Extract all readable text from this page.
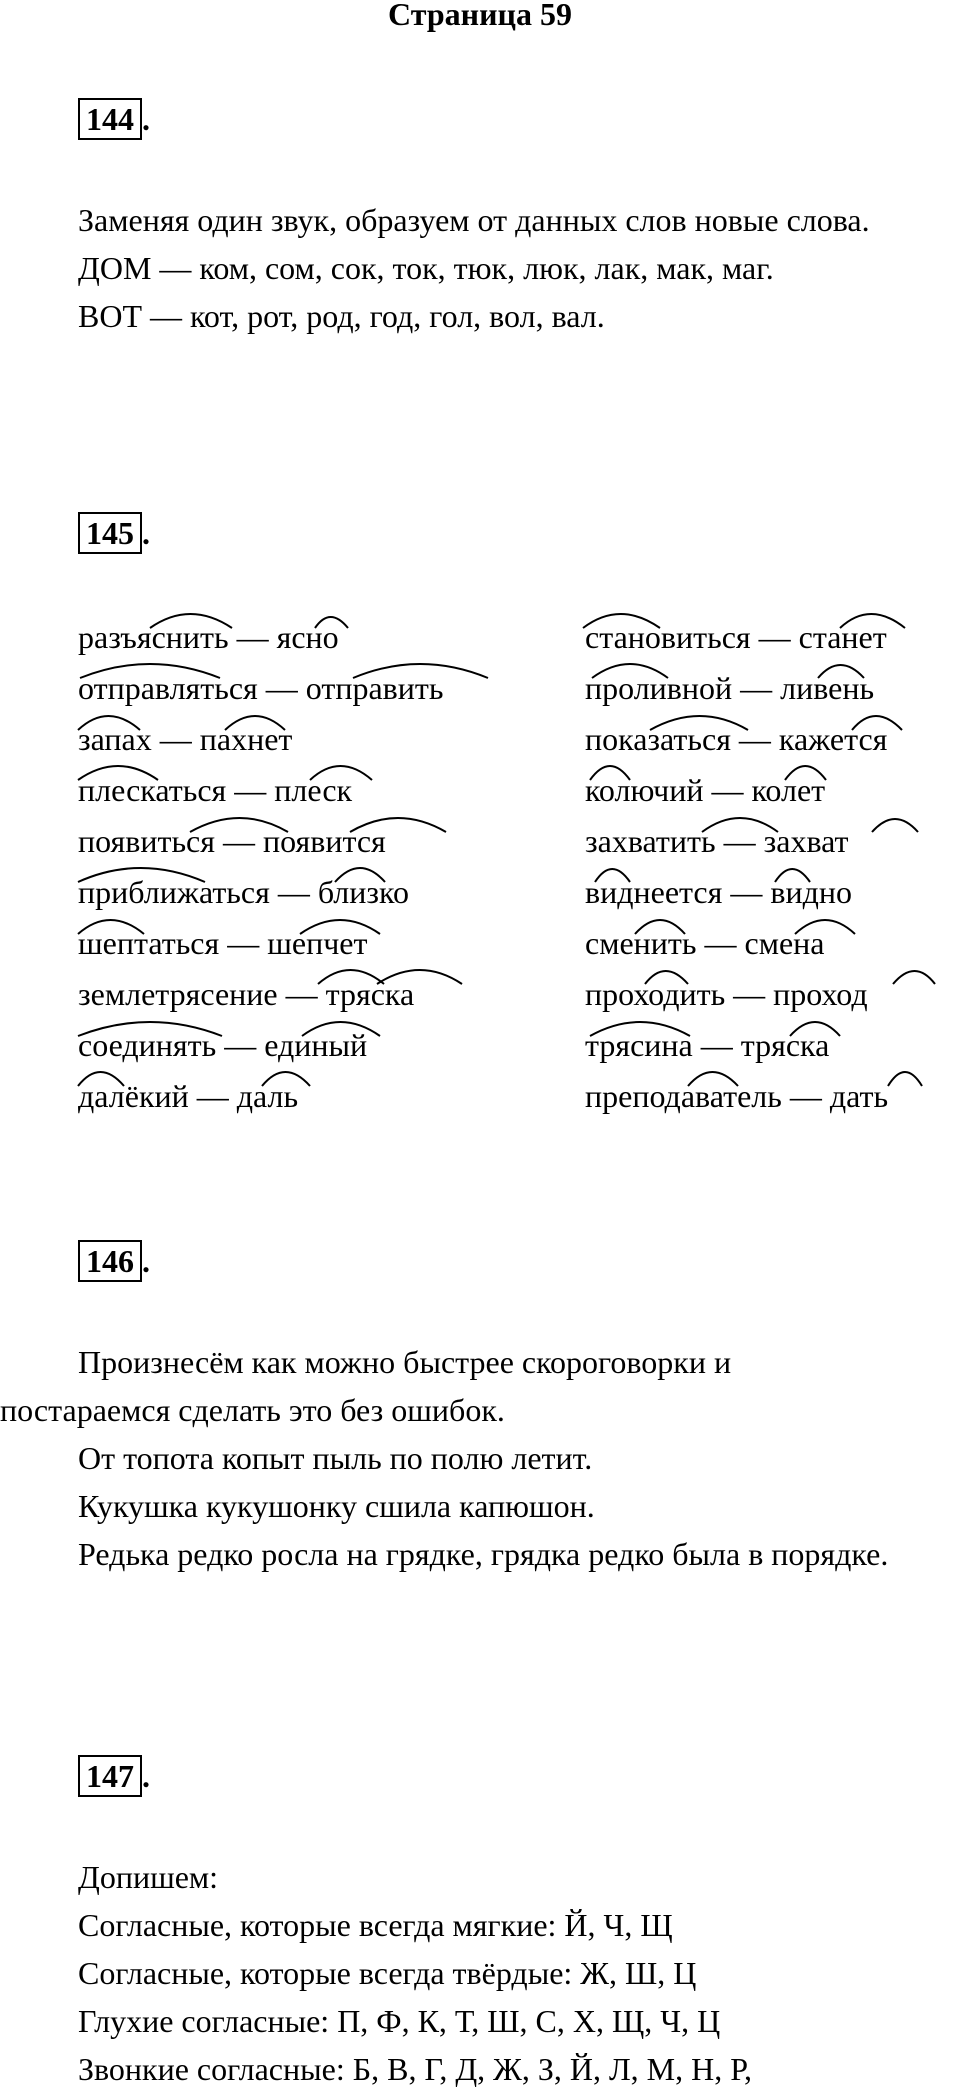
Страница 59
144 .

Заменяя один звук, образуем от данных слов новые слова.

ДОМ — ком, сом, сок, ток, тюк, люк, лак, мак, маг.

ВОТ — кот, рот, род, год, гол, вол, вал.

145 .
разъяснить — ясно
отправляться — отправить
запах — пахнет
плескаться — плеск
появиться — появится
приближаться — близко
шептаться — шепчет
землетрясение — тряска
соединять — единый
далёкий — даль
становиться — станет
проливной — ливень
показаться — кажется
колючий — колет
захватить — захват
виднеется — видно
сменить — смена
проходить — проход
трясина — тряска
преподаватель — дать
146 .

Произнесём как можно быстрее скороговорки и постараемся сделать это без ошибок.

От топота копыт пыль по полю летит.

Кукушка кукушонку сшила капюшон.

Редька редко росла на грядке, грядка редко была в порядке.

147 .

Допишем:

Согласные, которые всегда мягкие: Й, Ч, Щ

Согласные, которые всегда твёрдые: Ж, Ш, Ц

Глухие согласные: П, Ф, К, Т, Ш, С, Х, Щ, Ч, Ц

Звонкие согласные: Б, В, Г, Д, Ж, З, Й, Л, М, Н, Р,
